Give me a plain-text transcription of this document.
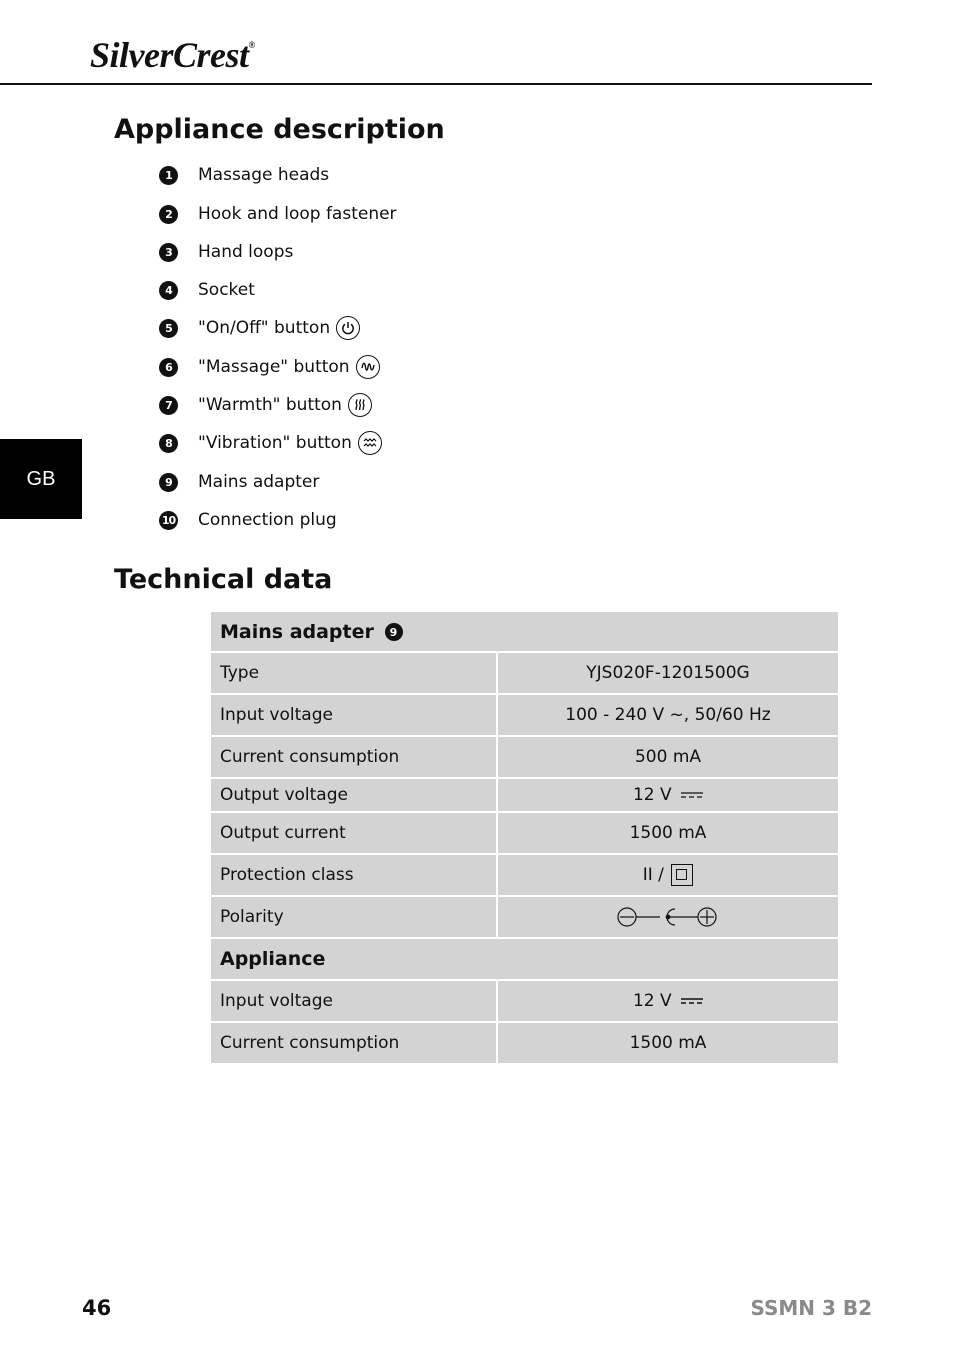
SilverCrest®
GB
Appliance description
1	Massage heads
2	Hook and loop fastener
3	Hand loops
4	Socket
5	"On/Off" button
6	"Massage" button
7	"Warmth" button
8	"Vibration" button
9	Mains adapter
10 Connection plug
Technical data
Mains adapter 9	
Type	YJS020F-1201500G
Input voltage	100 - 240 V ~, 50/60 Hz
Current consumption	500 mA
Output voltage	12 V
Output current	1500 mA
Protection class	II /
Polarity	
Appliance	
Input voltage	12 V
Current consumption	1500 mA
46	SSMN 3 B2
